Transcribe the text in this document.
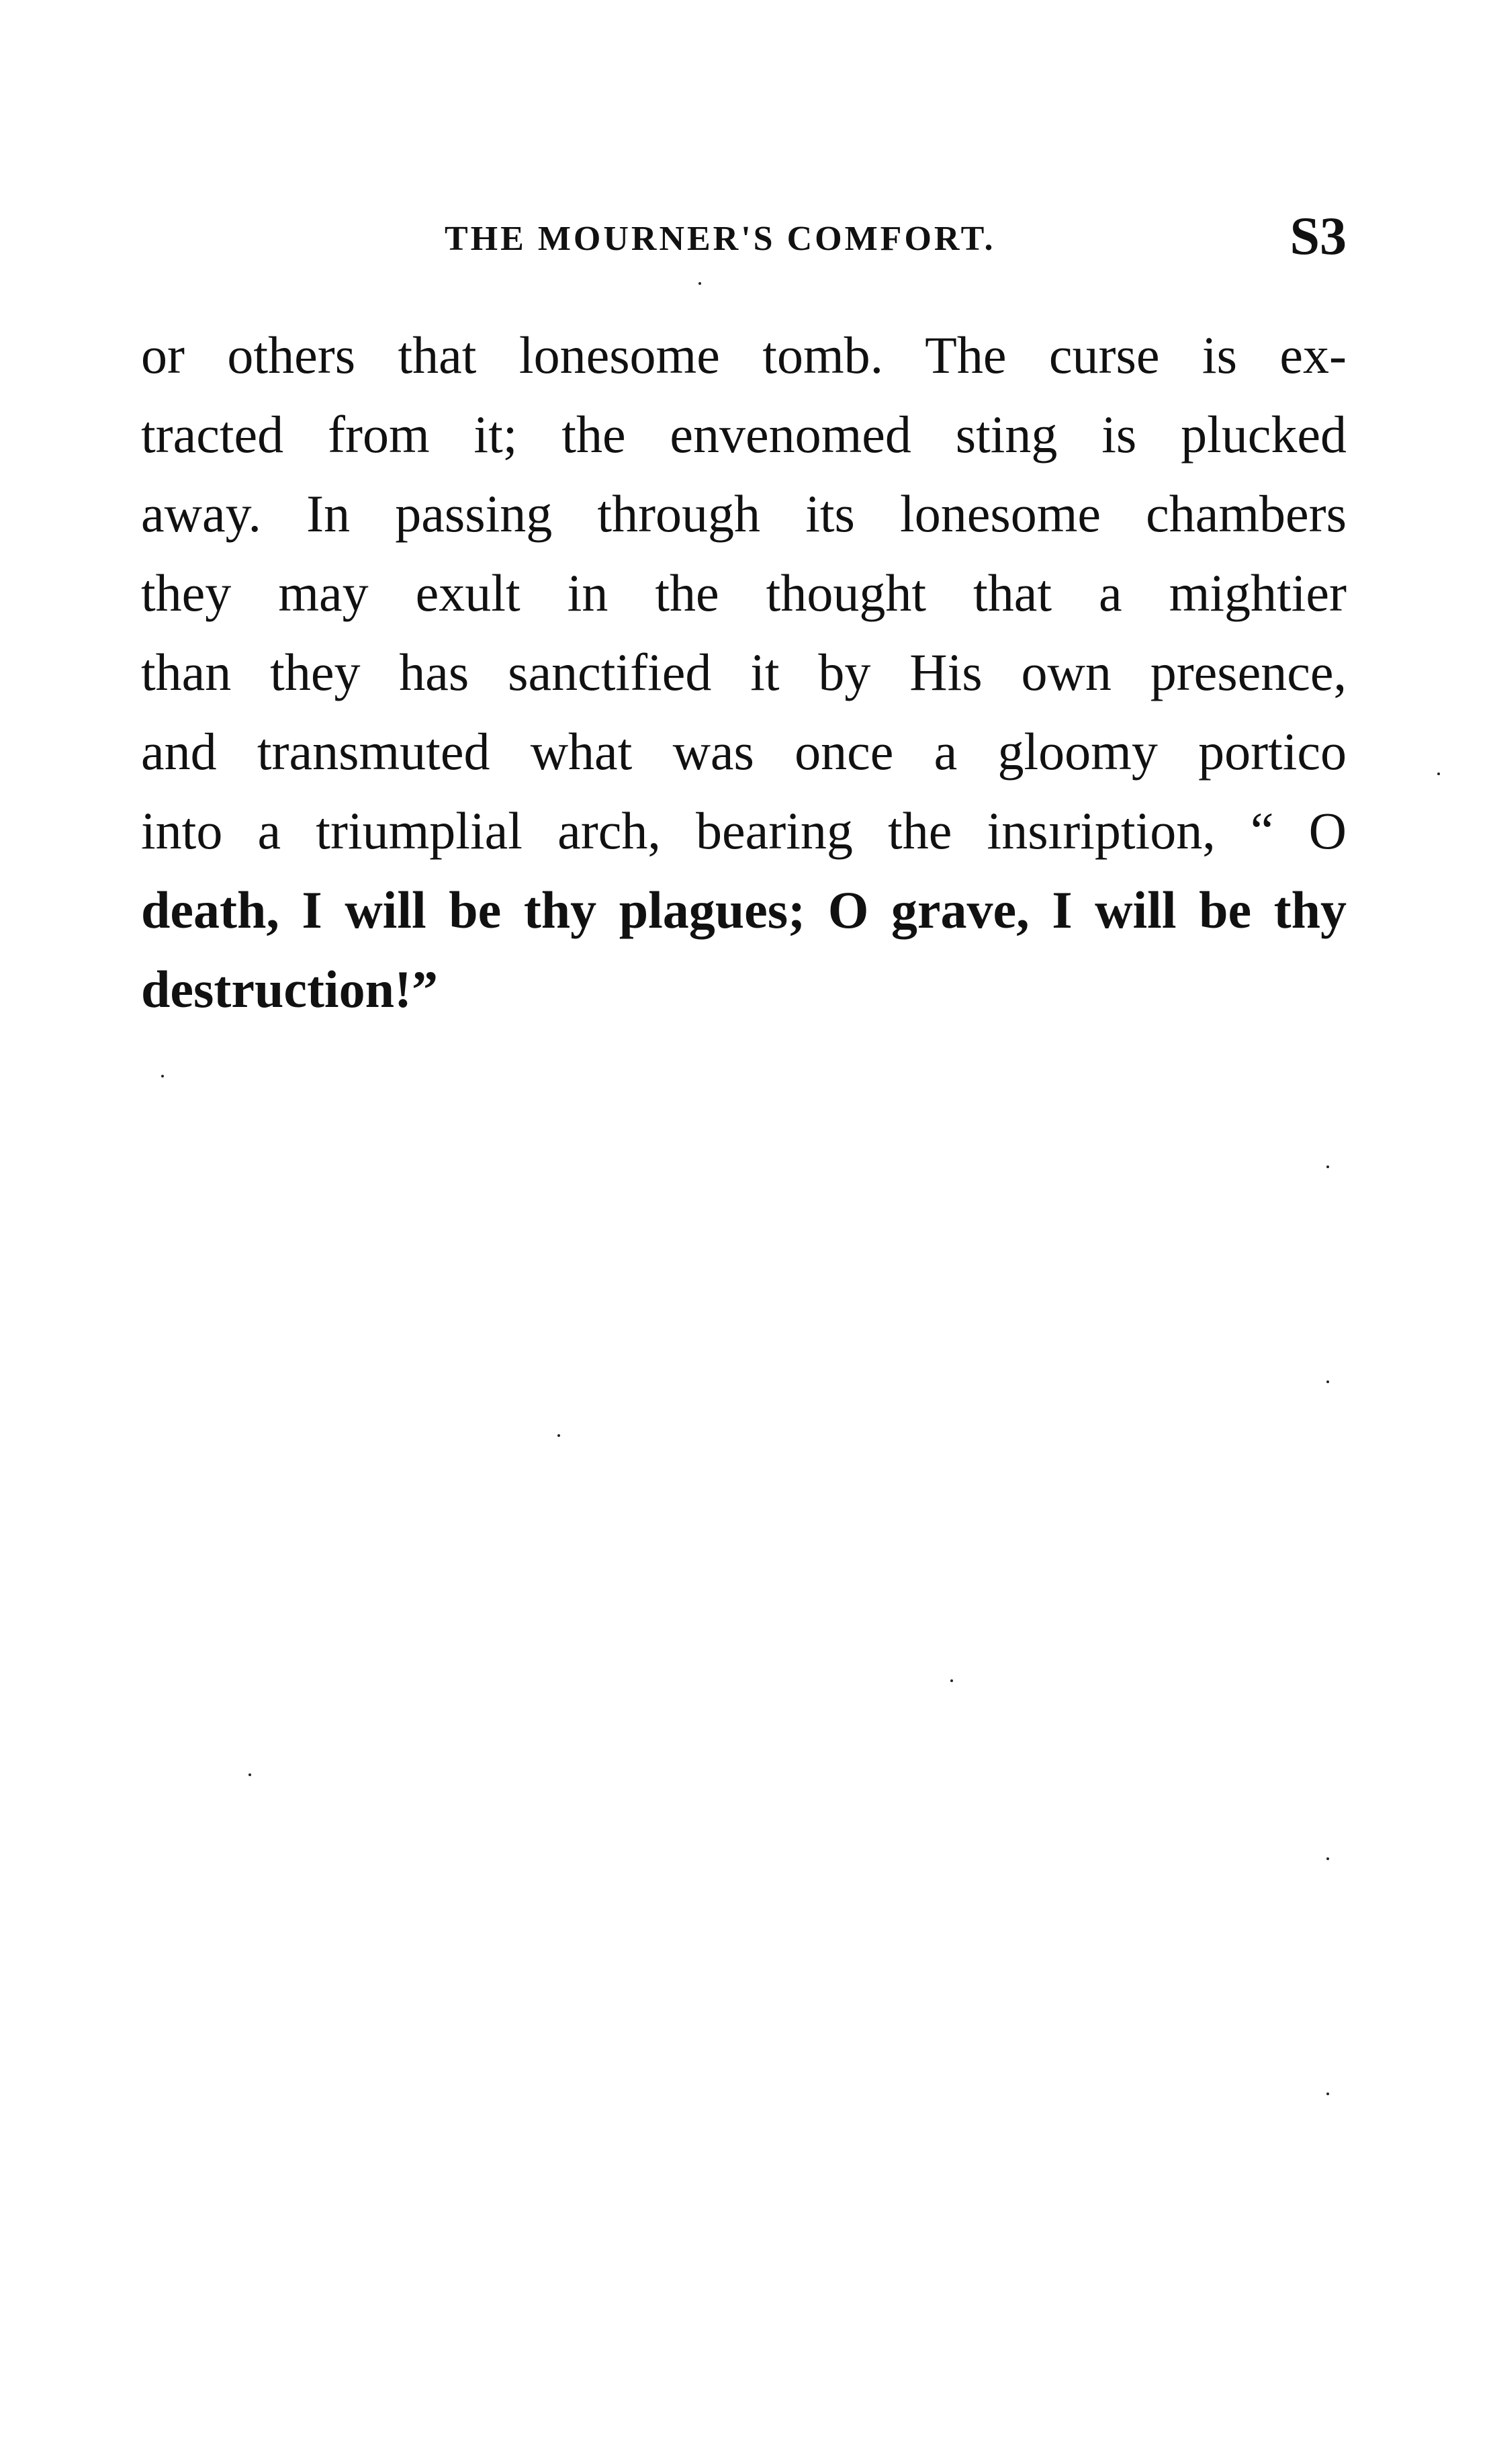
THE MOURNER'S COMFORT.	S3
or others that lonesome tomb. The curse is ex-
tracted from it; the envenomed sting is plucked
away. In passing through its lonesome chambers
they may exult in the thought that a mightier
than they has sanctified it by His own presence,
and transmuted what was once a gloomy portico
into a triumplial arch, bearing the insıription, “ O
death, I will be thy plagues; O grave, I will be thy
destruction!”
